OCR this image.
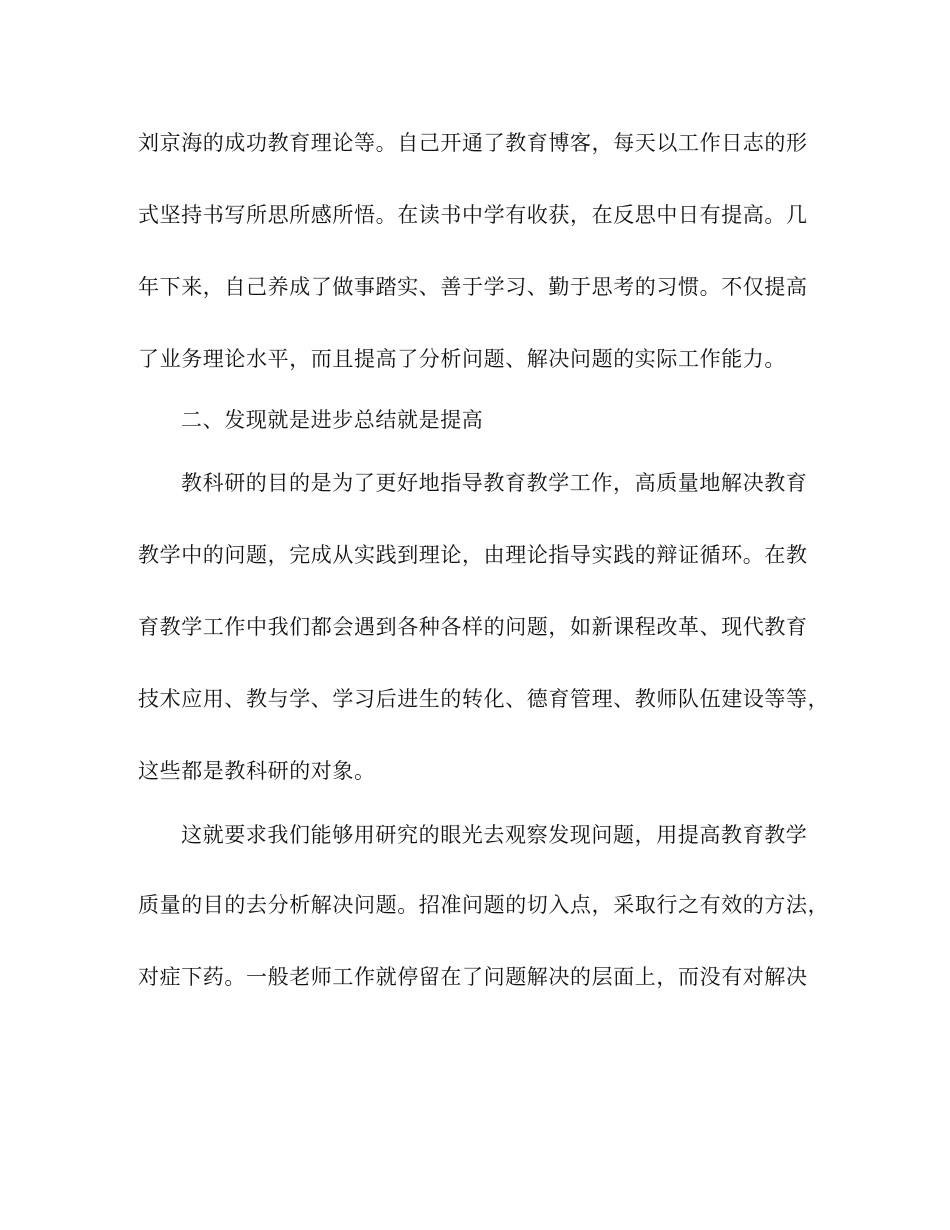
刘京海的成功教育理论等。自己开通了教育博客，每天以工作日志的形
式坚持书写所思所感所悟。在读书中学有收获，在反思中日有提高。几
年下来，自己养成了做事踏实、善于学习、勤于思考的习惯。不仅提高
了业务理论水平，而且提高了分析问题、解决问题的实际工作能力。
二、发现就是进步总结就是提高
教科研的目的是为了更好地指导教育教学工作，高质量地解决教育
教学中的问题，完成从实践到理论，由理论指导实践的辩证循环。在教
育教学工作中我们都会遇到各种各样的问题，如新课程改革、现代教育
技术应用、教与学、学习后进生的转化、德育管理、教师队伍建设等等，
这些都是教科研的对象。
这就要求我们能够用研究的眼光去观察发现问题，用提高教育教学
质量的目的去分析解决问题。招准问题的切入点，采取行之有效的方法，
对症下药。一般老师工作就停留在了问题解决的层面上，而没有对解决
